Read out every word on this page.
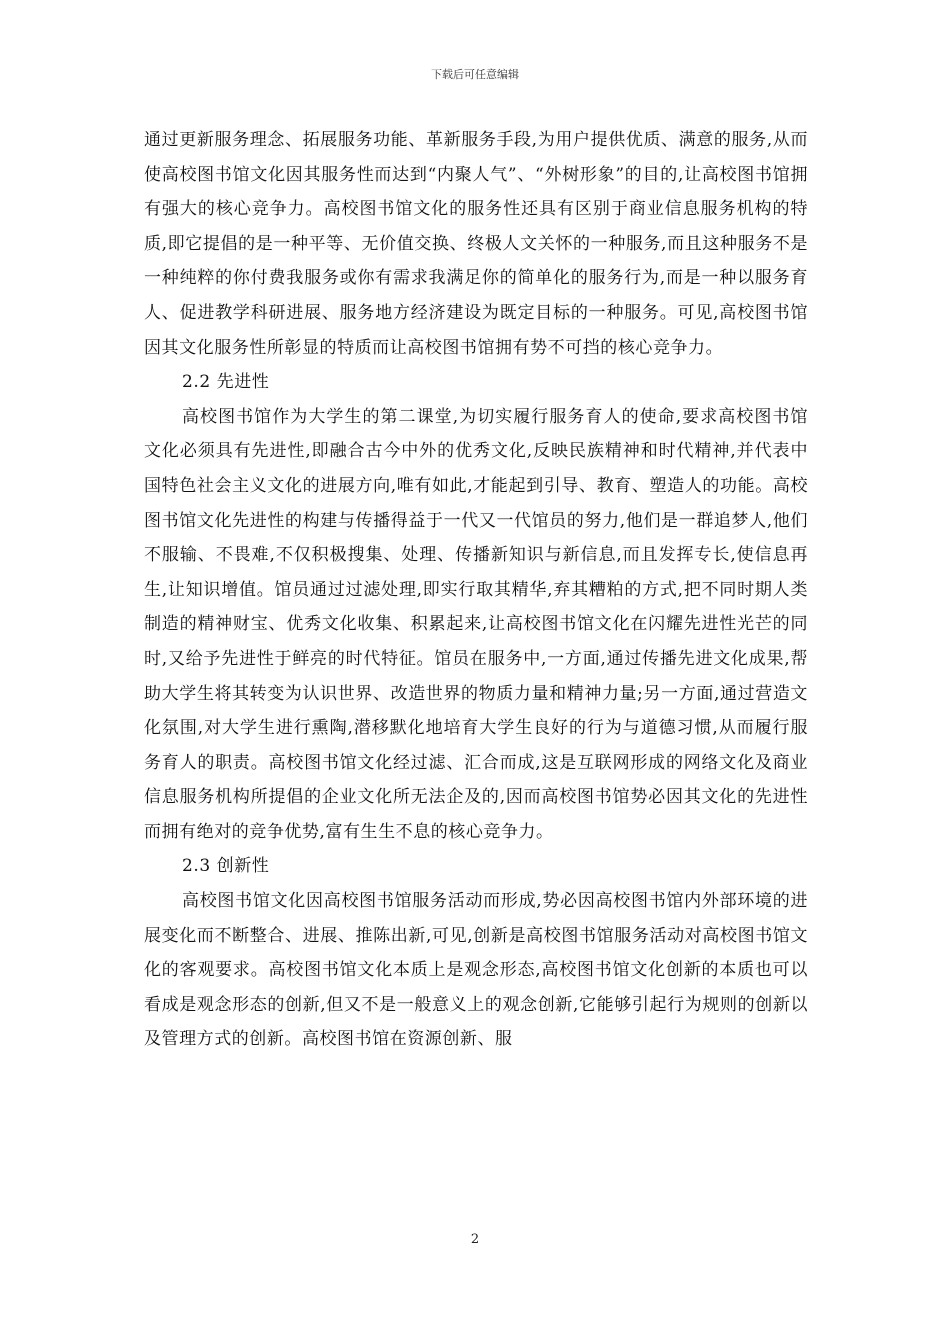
下载后可任意编辑

通过更新服务理念、拓展服务功能、革新服务手段,为用户提供优质、满意的服务,从而使高校图书馆文化因其服务性而达到“内聚人气”、“外树形象”的目的,让高校图书馆拥有强大的核心竞争力。高校图书馆文化的服务性还具有区别于商业信息服务机构的特质,即它提倡的是一种平等、无价值交换、终极人文关怀的一种服务,而且这种服务不是一种纯粹的你付费我服务或你有需求我满足你的简单化的服务行为,而是一种以服务育人、促进教学科研进展、服务地方经济建设为既定目标的一种服务。可见,高校图书馆因其文化服务性所彰显的特质而让高校图书馆拥有势不可挡的核心竞争力。

2.2 先进性

高校图书馆作为大学生的第二课堂,为切实履行服务育人的使命,要求高校图书馆文化必须具有先进性,即融合古今中外的优秀文化,反映民族精神和时代精神,并代表中国特色社会主义文化的进展方向,唯有如此,才能起到引导、教育、塑造人的功能。高校图书馆文化先进性的构建与传播得益于一代又一代馆员的努力,他们是一群追梦人,他们不服输、不畏难,不仅积极搜集、处理、传播新知识与新信息,而且发挥专长,使信息再生,让知识增值。馆员通过过滤处理,即实行取其精华,弃其糟粕的方式,把不同时期人类制造的精神财宝、优秀文化收集、积累起来,让高校图书馆文化在闪耀先进性光芒的同时,又给予先进性于鲜亮的时代特征。馆员在服务中,一方面,通过传播先进文化成果,帮助大学生将其转变为认识世界、改造世界的物质力量和精神力量;另一方面,通过营造文化氛围,对大学生进行熏陶,潜移默化地培育大学生良好的行为与道德习惯,从而履行服务育人的职责。高校图书馆文化经过滤、汇合而成,这是互联网形成的网络文化及商业信息服务机构所提倡的企业文化所无法企及的,因而高校图书馆势必因其文化的先进性而拥有绝对的竞争优势,富有生生不息的核心竞争力。

2.3 创新性

高校图书馆文化因高校图书馆服务活动而形成,势必因高校图书馆内外部环境的进展变化而不断整合、进展、推陈出新,可见,创新是高校图书馆服务活动对高校图书馆文化的客观要求。高校图书馆文化本质上是观念形态,高校图书馆文化创新的本质也可以看成是观念形态的创新,但又不是一般意义上的观念创新,它能够引起行为规则的创新以及管理方式的创新。高校图书馆在资源创新、服

2
